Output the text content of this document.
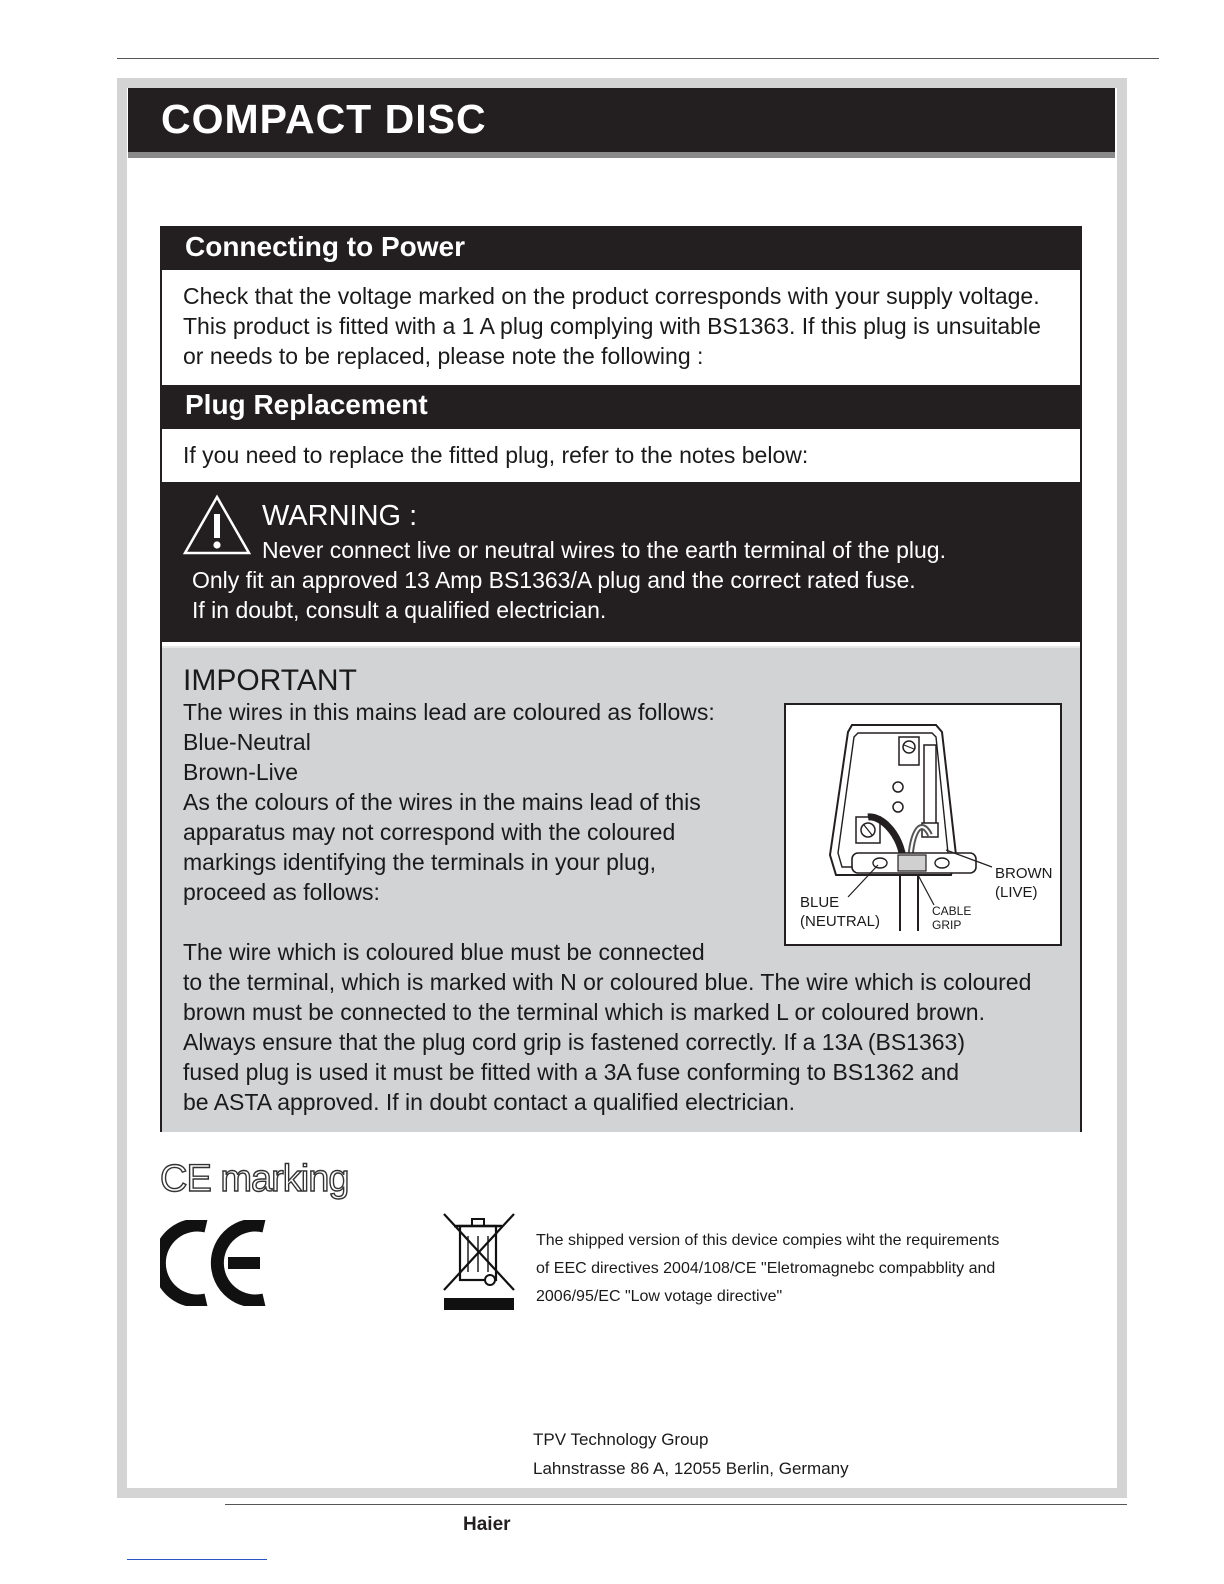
COMPACT DISC
Connecting to Power

Check that the voltage marked on the product corresponds with your supply voltage.

This product is fitted with a 1 A plug complying with BS1363. If this plug is unsuitable

or needs to be replaced, please note the following :

Plug Replacement

If you need to replace the fitted plug, refer to the notes below:

WARNING :
Never connect live or neutral wires to the earth terminal of the plug.
Only fit an approved 13 Amp BS1363/A plug and the correct rated fuse.
If in doubt, consult a qualified electrician.
IMPORTANT

The wires in this mains lead are coloured as follows:

Blue-Neutral

Brown-Live

As the colours of the wires in the mains lead of this

apparatus may not correspond with the coloured

markings identifying the terminals in your plug,

proceed as follows:	BLUE
(NEUTRAL)
BROWN
(LIVE)
CABLE
GRIP

The wire which is coloured blue must be connected

to the terminal, which is marked with N or coloured blue. The wire which is coloured

brown must be connected to the terminal which is marked L or coloured brown.

Always ensure that the plug cord grip is fastened correctly. If a 13A (BS1363)

fused plug is used it must be fitted with a 3A fuse conforming to BS1362 and

be ASTA approved. If in doubt contact a qualified electrician.

CE marking

The shipped version of this device compies wiht the requirements

of EEC directives 2004/108/CE "Eletromagnebc compabblity and

2006/95/EC "Low votage directive"

TPV Technology Group

Lahnstrasse 86 A, 12055 Berlin, Germany

Haier
